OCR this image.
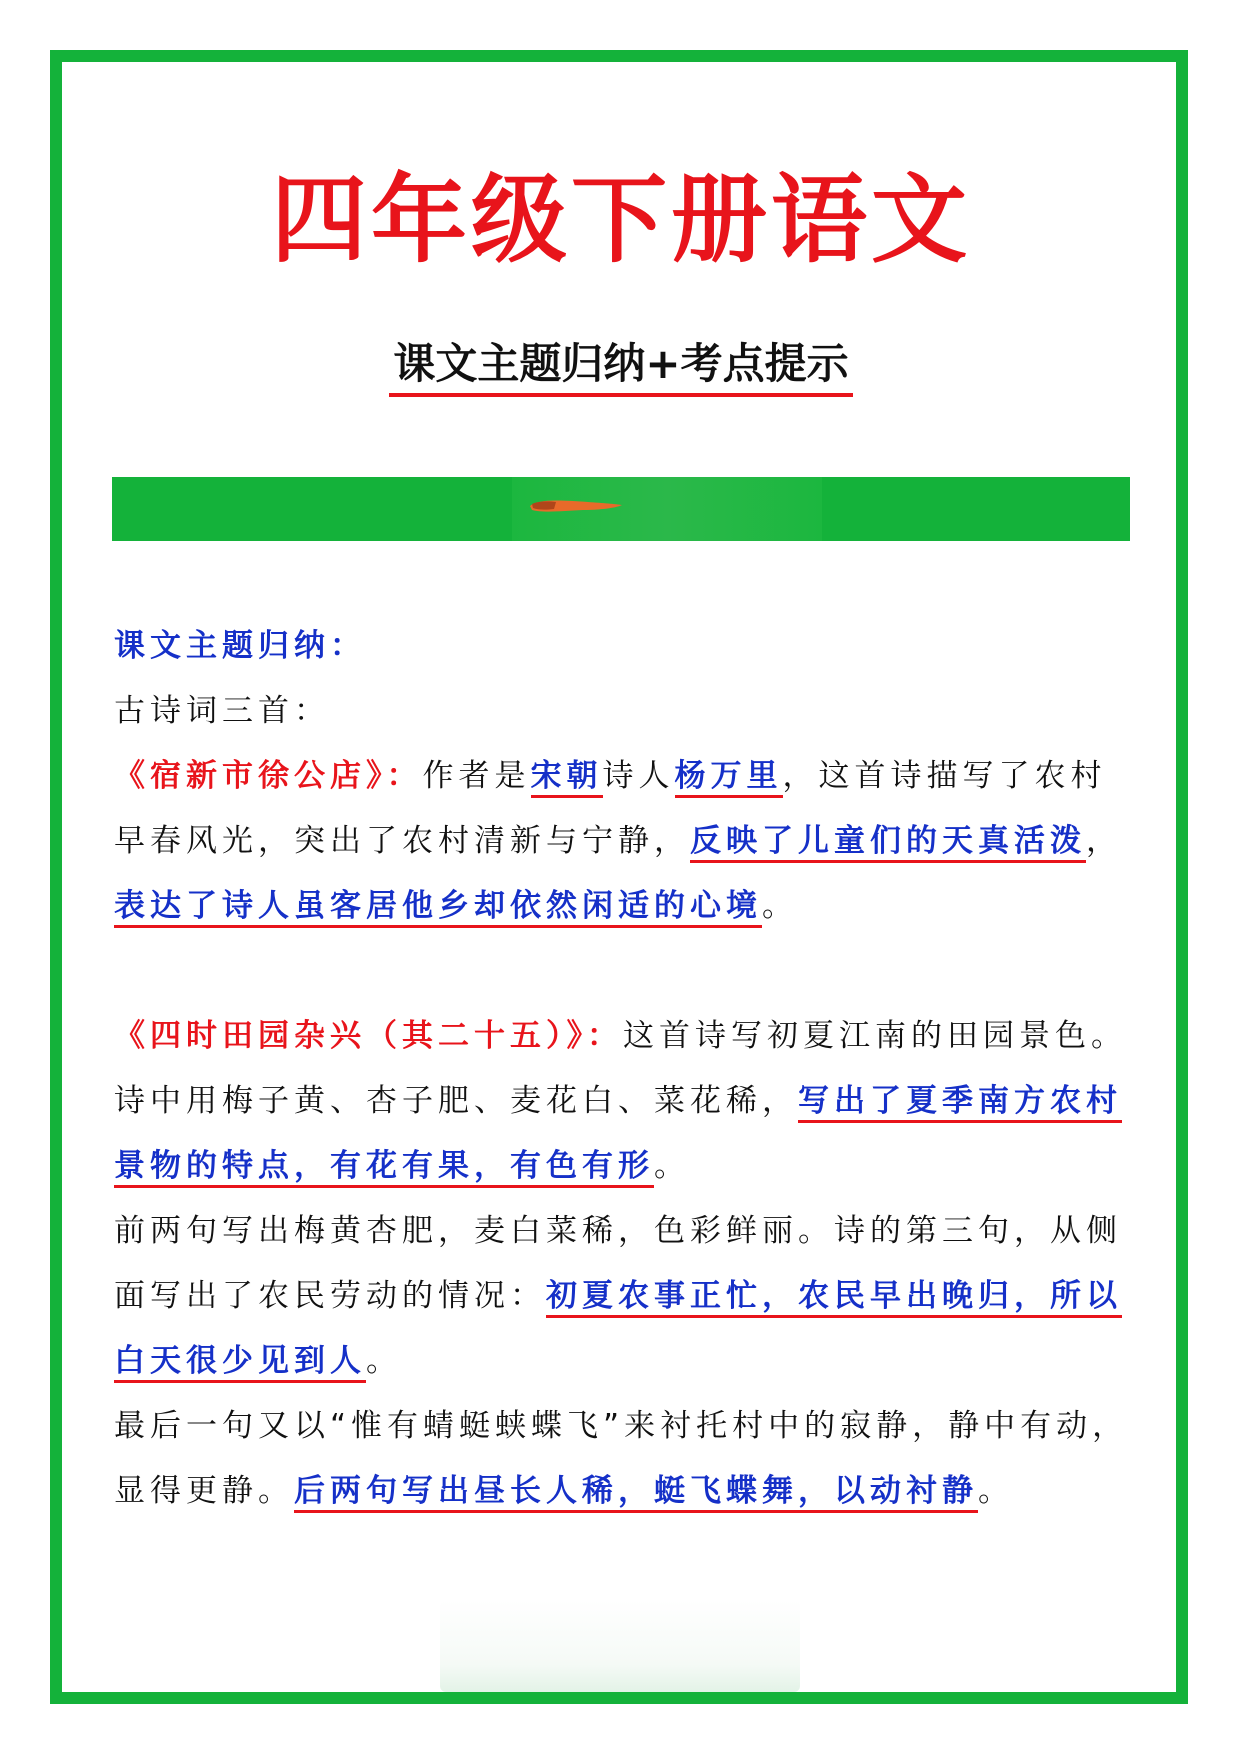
四年级下册语文
课文主题归纳+考点提示
课文主题归纳：
古诗词三首：
《宿新市徐公店》：作者是宋朝诗人杨万里，这首诗描写了农村
早春风光，突出了农村清新与宁静，反映了儿童们的天真活泼，
表达了诗人虽客居他乡却依然闲适的心境。
《四时田园杂兴（其二十五）》：这首诗写初夏江南的田园景色。
诗中用梅子黄、杏子肥、麦花白、菜花稀，写出了夏季南方农村
景物的特点，有花有果，有色有形。
前两句写出梅黄杏肥，麦白菜稀，色彩鲜丽。诗的第三句，从侧
面写出了农民劳动的情况：初夏农事正忙，农民早出晚归，所以
白天很少见到人。
最后一句又以“惟有蜻蜓蛱蝶飞”来衬托村中的寂静，静中有动，
显得更静。后两句写出昼长人稀，蜓飞蝶舞，以动衬静。
